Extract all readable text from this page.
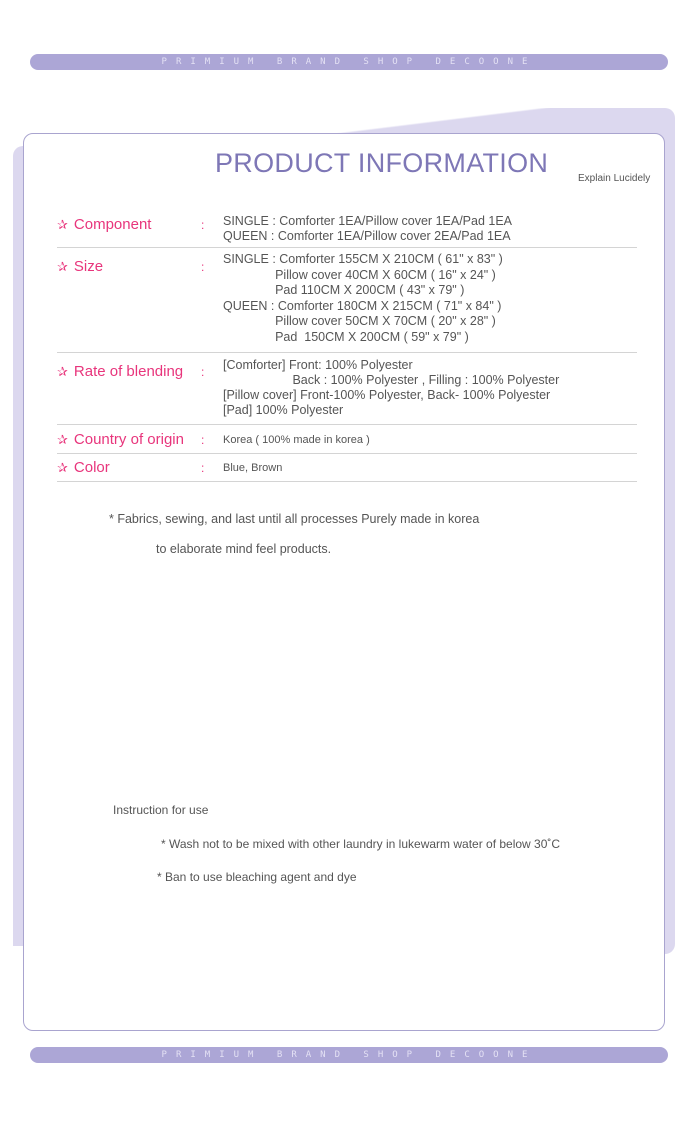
PRIMIUM BRAND SHOP DECOONE
PRODUCT INFORMATION
Explain Lucidely
✰ Component	: SINGLE : Comforter 1EA/Pillow cover 1EA/Pad 1EA
QUEEN : Comforter 1EA/Pillow cover 2EA/Pad 1EA
✰ Size	:
SINGLE : Comforter 155CM X 210CM ( 61" x 83" )
Pillow cover 40CM X 60CM ( 16" x 24" )
Pad 110CM X 200CM ( 43" x 79" )
QUEEN : Comforter 180CM X 215CM ( 71" x 84" )
Pillow cover 50CM X 70CM ( 20" x 28" )
Pad  150CM X 200CM ( 59" x 79" )
✰ Rate of blending : [Comforter] Front: 100% Polyester
Back : 100% Polyester , Filling : 100% Polyester
[Pillow cover] Front-100% Polyester, Back- 100% Polyester
[Pad] 100% Polyester
✰ Country of origin : Korea ( 100% made in korea )
✰ Color	: Blue, Brown
* Fabrics, sewing, and last until all processes Purely made in korea
to elaborate mind feel products.
Instruction for use
* Wash not to be mixed with other laundry in lukewarm water of below 30˚C
* Ban to use bleaching agent and dye
PRIMIUM BRAND SHOP DECOONE
